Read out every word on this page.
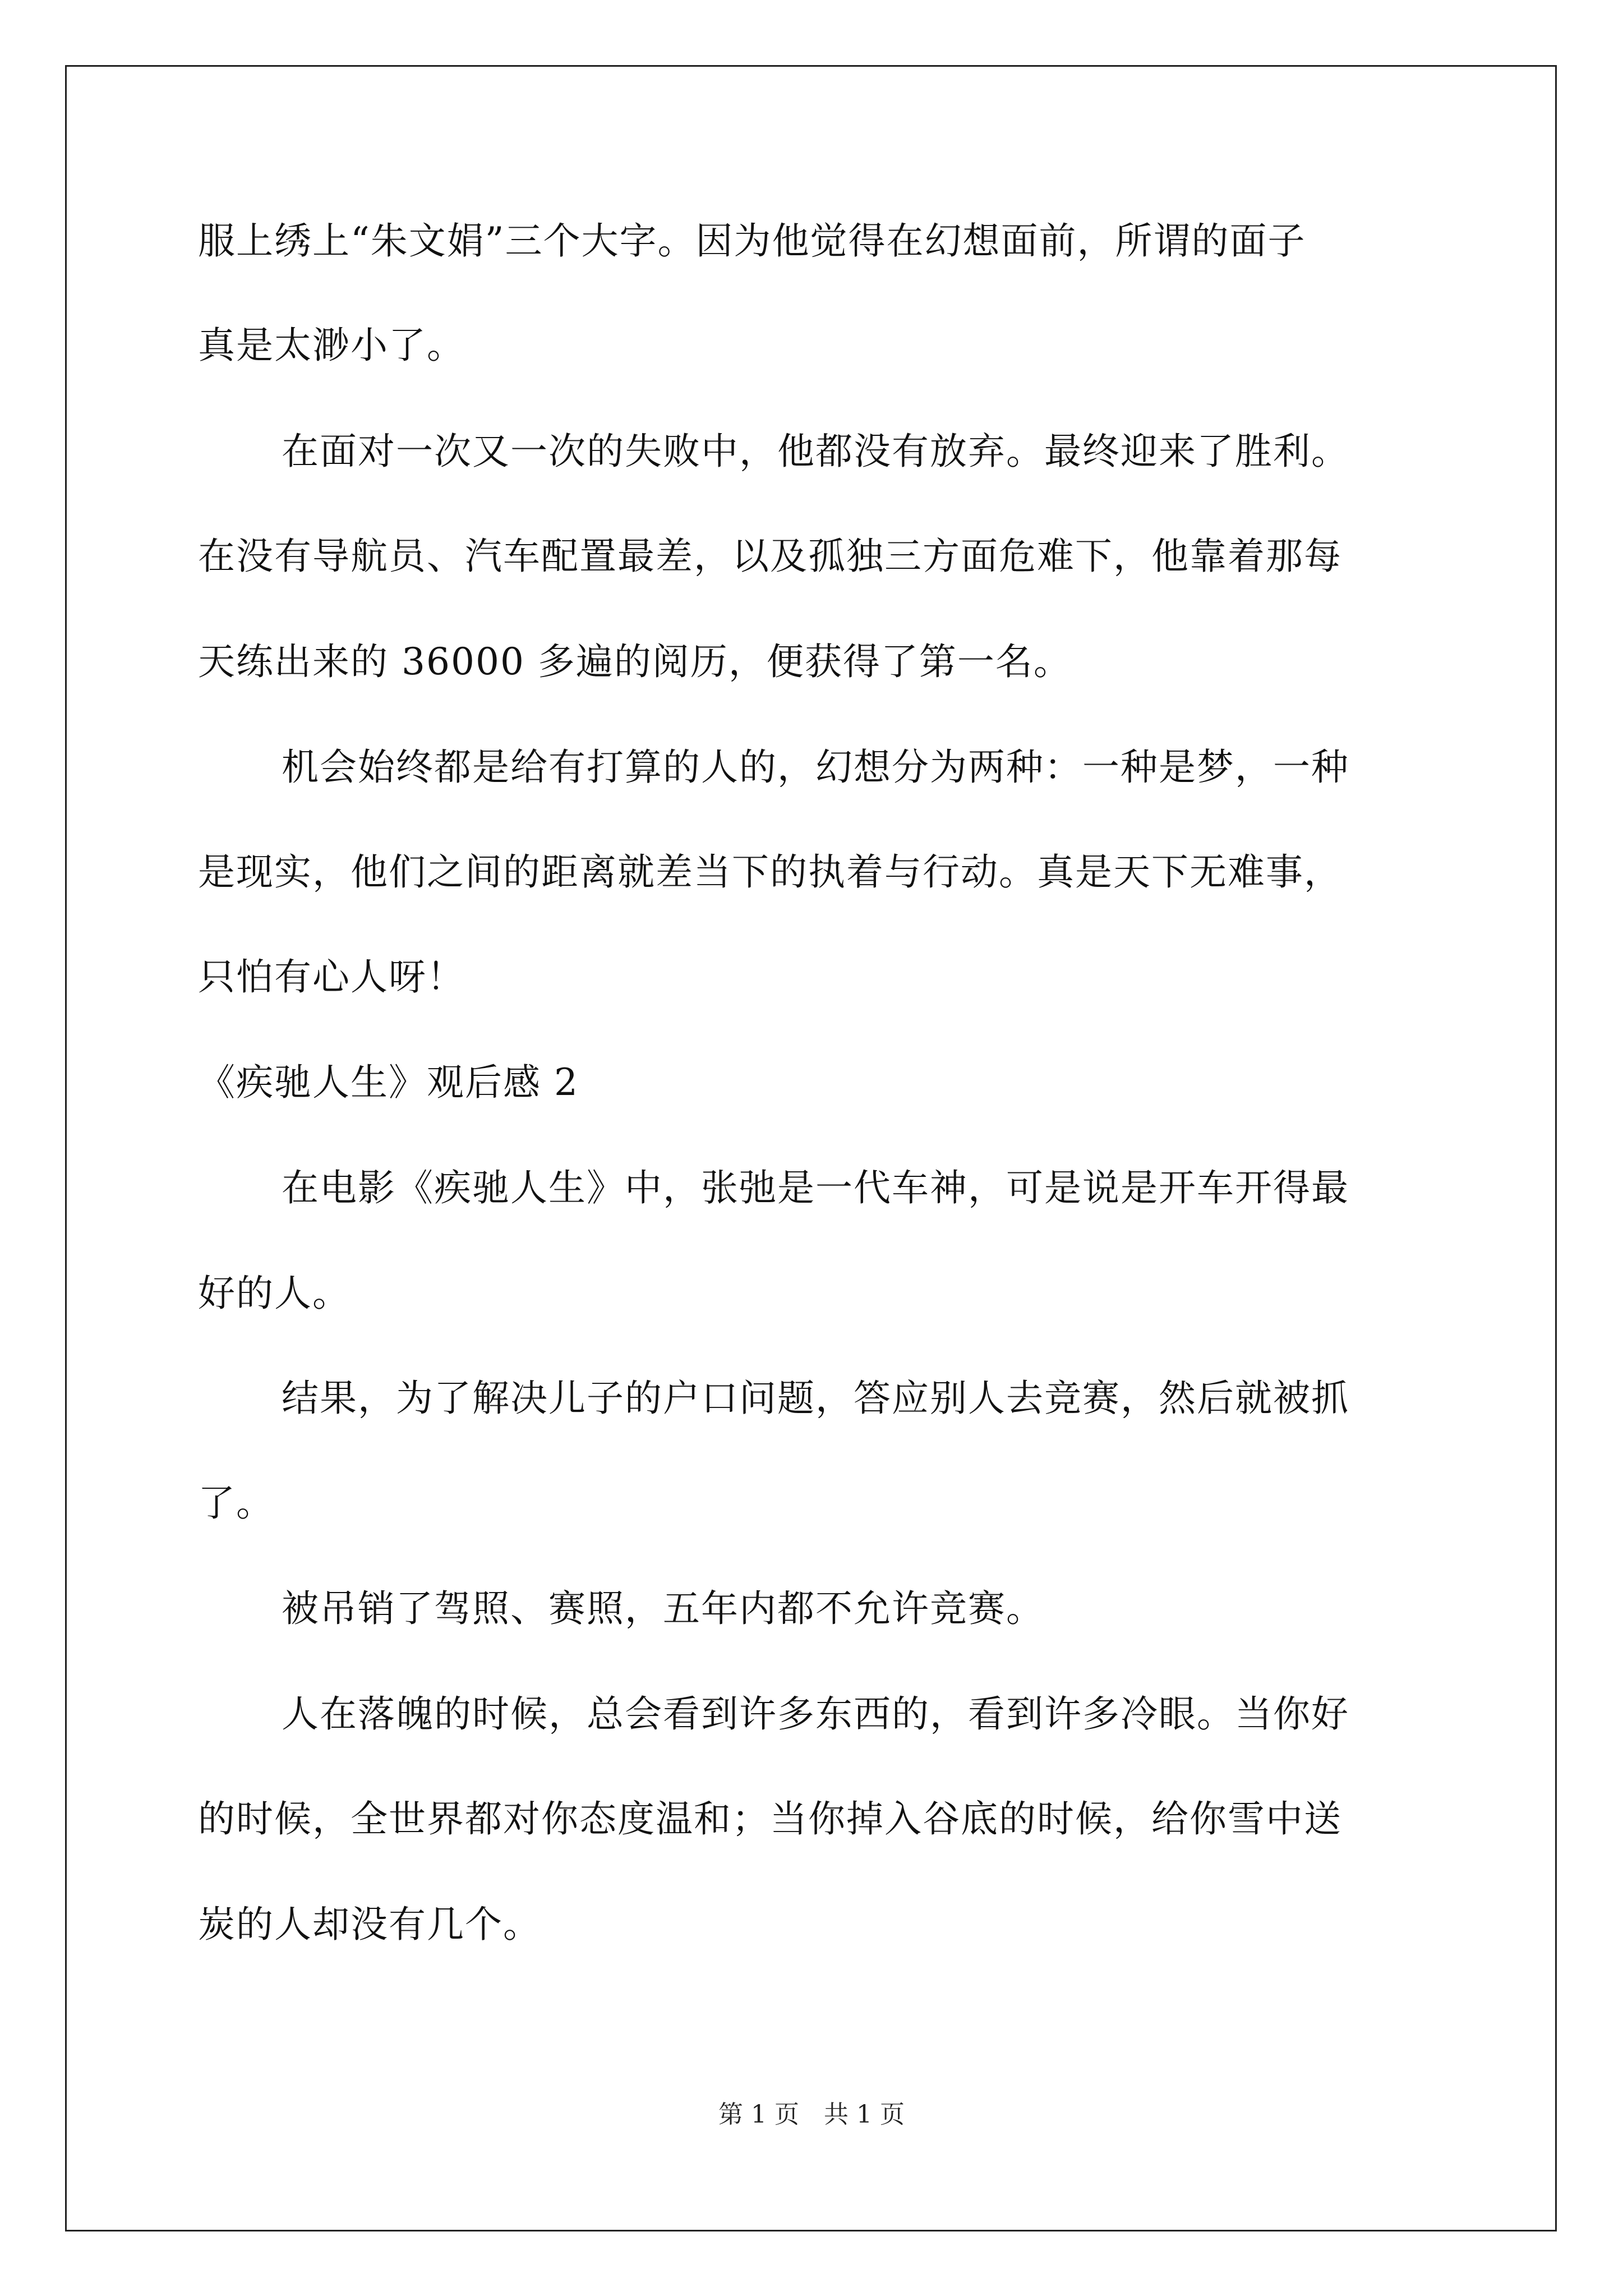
服上绣上“朱文娟”三个大字。因为他觉得在幻想面前，所谓的面子
真是太渺小了。
在面对一次又一次的失败中，他都没有放弃。最终迎来了胜利。
在没有导航员、汽车配置最差，以及孤独三方面危难下，他靠着那每
天练出来的 36000 多遍的阅历，便获得了第一名。
机会始终都是给有打算的人的，幻想分为两种：一种是梦，一种
是现实，他们之间的距离就差当下的执着与行动。真是天下无难事，
只怕有心人呀！
《疾驰人生》观后感 2
在电影《疾驰人生》中，张弛是一代车神，可是说是开车开得最
好的人。
结果，为了解决儿子的户口问题，答应别人去竞赛，然后就被抓
了。
被吊销了驾照、赛照，五年内都不允许竞赛。
人在落魄的时候，总会看到许多东西的，看到许多冷眼。当你好
的时候，全世界都对你态度温和；当你掉入谷底的时候，给你雪中送
炭的人却没有几个。
第 1 页　共 1 页
